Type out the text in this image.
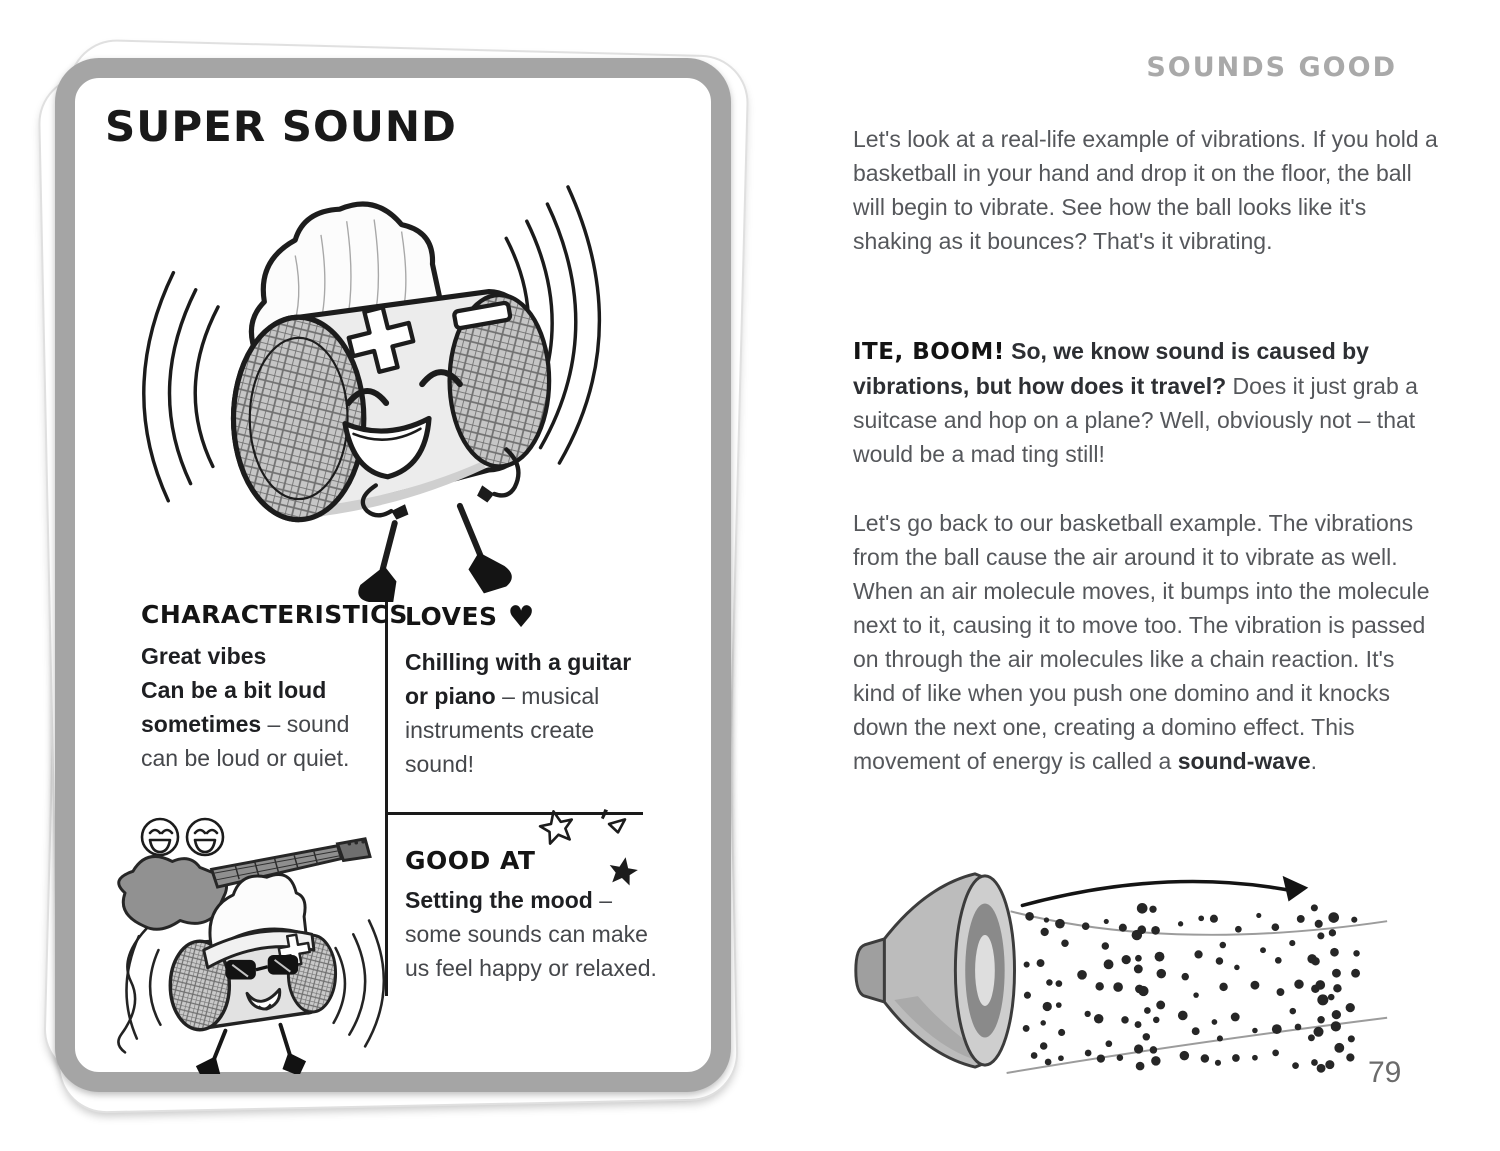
SUPER SOUND
CHARACTERISTICS

Great vibes

Can be a bit loud sometimes – sound can be loud or quiet.

LOVES ♥

Chilling with a guitar or piano – musical instruments create sound!

GOOD AT

Setting the mood – some sounds can make us feel happy or relaxed.

SOUNDS GOOD

Let's look at a real-life example of vibrations. If you hold a basketball in your hand and drop it on the floor, the ball will begin to vibrate. See how the ball looks like it's shaking as it bounces? That's it vibrating.

ITE, BOOM! So, we know sound is caused by vibrations, but how does it travel? Does it just grab a suitcase and hop on a plane? Well, obviously not – that would be a mad ting still!

Let's go back to our basketball example. The vibrations from the ball cause the air around it to vibrate as well. When an air molecule moves, it bumps into the molecule next to it, causing it to move too. The vibration is passed on through the air molecules like a chain reaction. It's kind of like when you push one domino and it knocks down the next one, creating a domino effect. This movement of energy is called a sound-wave.

79
